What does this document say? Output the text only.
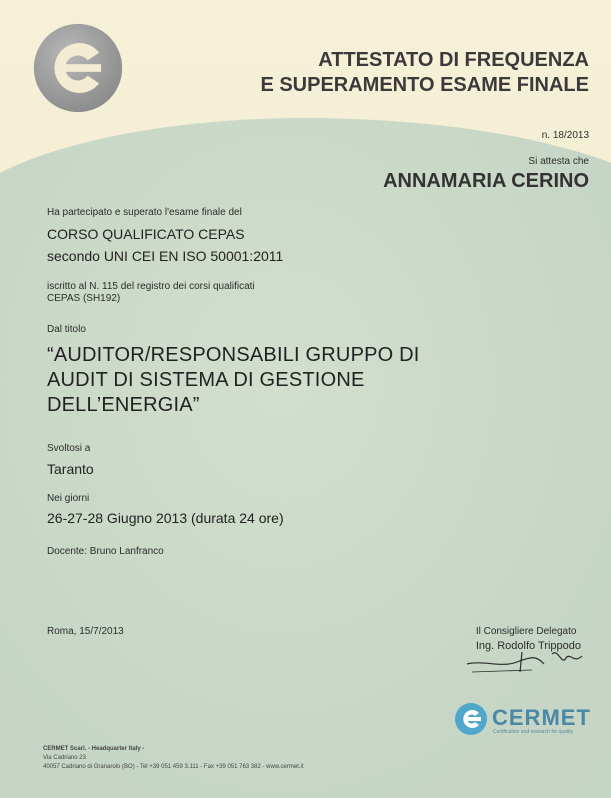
ATTESTATO DI FREQUENZA
E SUPERAMENTO ESAME FINALE
n. 18/2013
Si attesta che
ANNAMARIA CERINO
Ha partecipato e superato l'esame finale del
CORSO QUALIFICATO CEPAS
secondo UNI CEI EN ISO 50001:2011
iscritto al N. 115 del registro dei corsi qualificati
CEPAS (SH192)
Dal titolo
“AUDITOR/RESPONSABILI GRUPPO DI
AUDIT DI SISTEMA DI GESTIONE
DELL’ENERGIA”
Svoltosi a
Taranto
Nei giorni
26-27-28 Giugno 2013 (durata 24 ore)
Docente: Bruno Lanfranco
Roma, 15/7/2013	Il Consigliere Delegato
Ing. Rodolfo Trippodo
CERMET
Certification and research for quality
CERMET Scarl. - Headquarter Italy -
Via Cadriano 23
40057 Cadriano di Granarolo (BO) - Tel +39 051 459 3.111 - Fax +39 051 763 382 - www.cermet.it
